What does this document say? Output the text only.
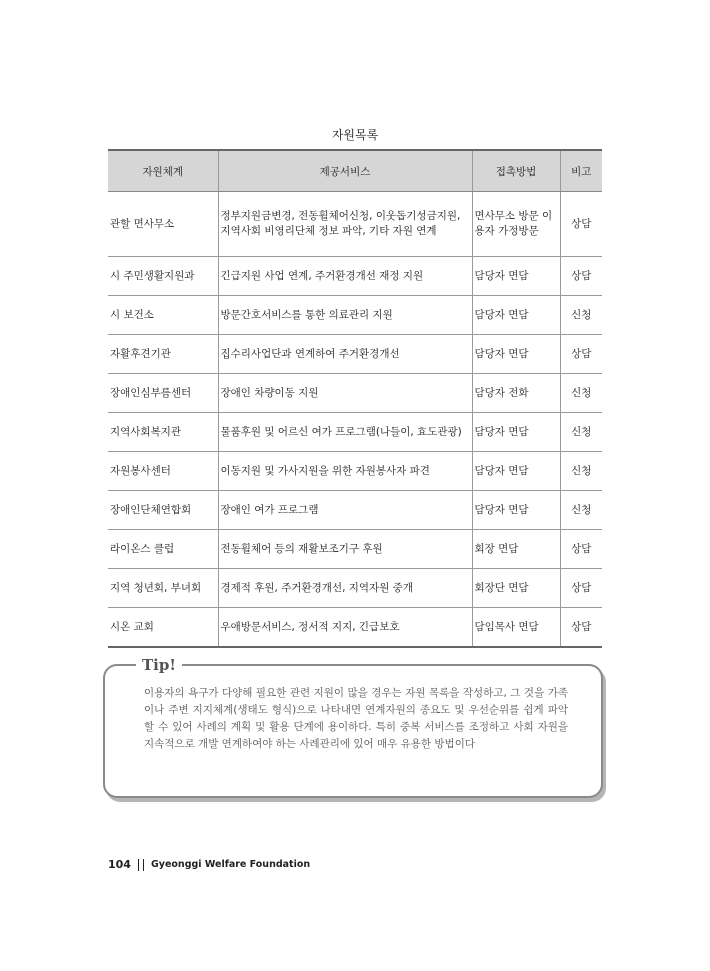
자원목록
자원체계	제공서비스	접촉방법	비고
관할 면사무소	정부지원금변경, 전동휠체어신청, 이웃돕기성금지원, 지역사회 비영리단체 정보 파악, 기타 자원 연계	면사무소 방문 이용자 가정방문	상담
시 주민생활지원과	긴급지원 사업 연계, 주거환경개선 재정 지원	담당자 면담	상담
시 보건소	방문간호서비스를 통한 의료관리 지원	담당자 면담	신청
자활후견기관	집수리사업단과 연계하여 주거환경개선	담당자 면담	상담
장애인심부름센터	장애인 차량이동 지원	담당자 전화	신청
지역사회복지관	물품후원 및 어르신 여가 프로그램(나들이, 효도관광)	담당자 면담	신청
자원봉사센터	이동지원 및 가사지원을 위한 자원봉사자 파견	담당자 면담	신청
장애인단체연합회	장애인 여가 프로그램	담당자 면담	신청
라이온스 클럽	전동휠체어 등의 재활보조기구 후원	회장 면담	상담
지역 청년회, 부녀회	경제적 후원, 주거환경개선, 지역자원 중개	회장단 면담	상담
시온 교회	우애방문서비스, 정서적 지지, 긴급보호	담임목사 면담	상담
Tip!
이용자의 욕구가 다양해 필요한 관련 지원이 많을 경우는 자원 목록을 작성하고, 그 것을 가족이나 주변 지지체계(생태도 형식)으로 나타내면 연계자원의 종요도 및 우선순위를 쉽게 파악할 수 있어 사례의 계획 및 활용 단계에 용이하다. 특히 중복 서비스를 조정하고 사회 자원을 지속적으로 개발 연계하여야 하는 사례관리에 있어 매우 유용한 방법이다
104 Gyeonggi Welfare Foundation
